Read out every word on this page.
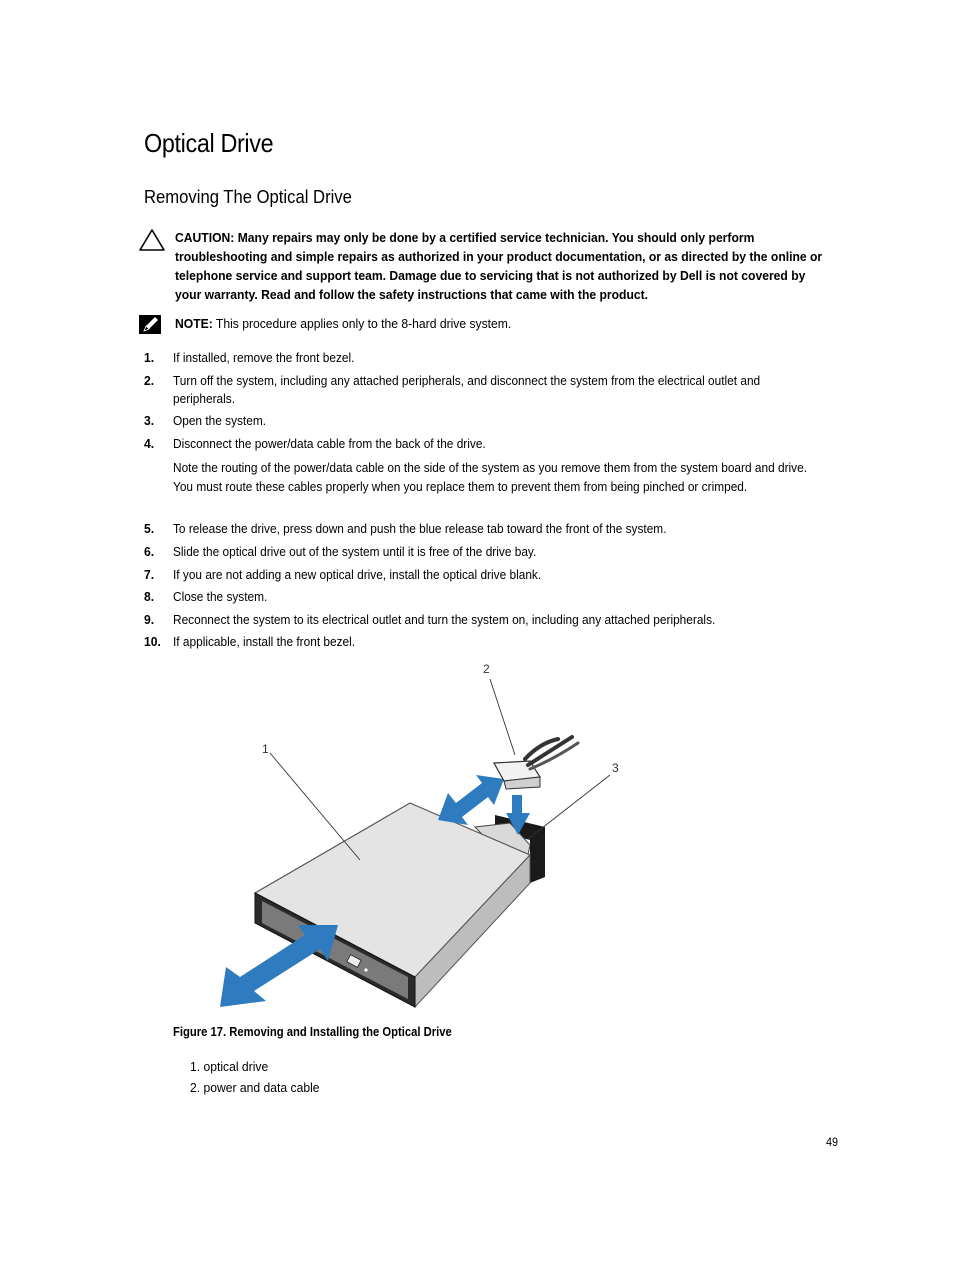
Optical Drive
Removing The Optical Drive
CAUTION: Many repairs may only be done by a certified service technician. You should only perform troubleshooting and simple repairs as authorized in your product documentation, or as directed by the online or telephone service and support team. Damage due to servicing that is not authorized by Dell is not covered by your warranty. Read and follow the safety instructions that came with the product.
NOTE: This procedure applies only to the 8-hard drive system.
1. If installed, remove the front bezel.
2. Turn off the system, including any attached peripherals, and disconnect the system from the electrical outlet and peripherals.
3. Open the system.
4. Disconnect the power/data cable from the back of the drive.
Note the routing of the power/data cable on the side of the system as you remove them from the system board and drive. You must route these cables properly when you replace them to prevent them from being pinched or crimped.
5. To release the drive, press down and push the blue release tab toward the front of the system.
6. Slide the optical drive out of the system until it is free of the drive bay.
7. If you are not adding a new optical drive, install the optical drive blank.
8. Close the system.
9. Reconnect the system to its electrical outlet and turn the system on, including any attached peripherals.
10. If applicable, install the front bezel.
1
2
3

Figure 17. Removing and Installing the Optical Drive

1. optical drive
2. power and data cable
49
